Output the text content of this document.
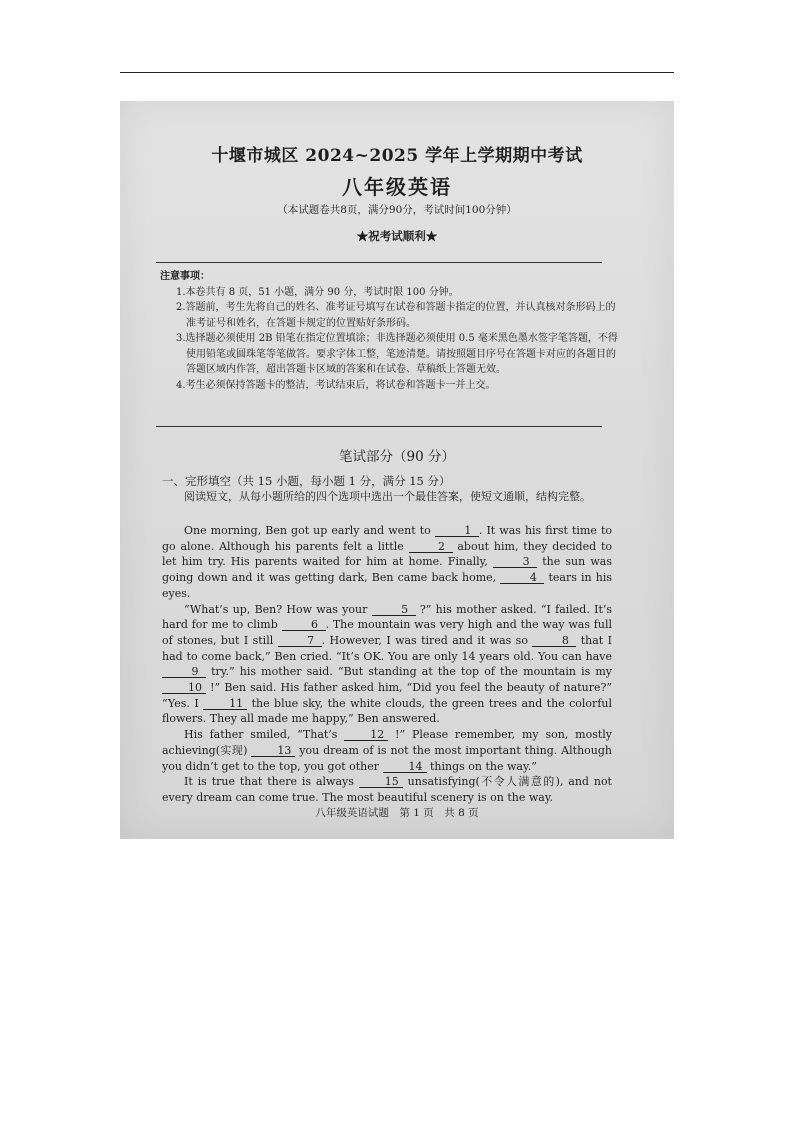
十堰市城区 2024~2025 学年上学期期中考试
八年级英语
（本试题卷共8页，满分90分，考试时间100分钟）
★祝考试顺利★
注意事项：
1.本卷共有 8 页，51 小题，满分 90 分，考试时限 100 分钟。
2.答题前，考生先将自己的姓名、准考证号填写在试卷和答题卡指定的位置，并认真核对条形码上的准考证号和姓名，在答题卡规定的位置贴好条形码。
3.选择题必须使用 2B 铅笔在指定位置填涂；非选择题必须使用 0.5 毫米黑色墨水签字笔答题，不得使用铅笔或圆珠笔等笔做答。要求字体工整，笔迹清楚。请按照题目序号在答题卡对应的各题目的答题区域内作答，超出答题卡区域的答案和在试卷、草稿纸上答题无效。
4.考生必须保持答题卡的整洁，考试结束后，将试卷和答题卡一并上交。
笔试部分（90 分）
一、完形填空（共 15 小题，每小题 1 分，满分 15 分）
阅读短文，从每小题所给的四个选项中选出一个最佳答案，使短文通顺，结构完整。

One morning, Ben got up early and went to	1 . It was his first time to go alone. Although his parents felt a little	2 about him, they decided to let him try. His parents waited for him at home. Finally,	3 the sun was going down and it was getting dark, Ben came back home,	4 tears in his eyes.

“What’s up, Ben? How was your	5 ?” his mother asked. “I failed. It’s hard for me to climb	6 . The mountain was very high and the way was full of stones, but I still	7 . However, I was tired and it was so	8 that I had to come back,” Ben cried. “It’s OK. You are only 14 years old. You can have 9 try.” his mother said. “But standing at the top of the mountain is my 10 !” Ben said. His father asked him, “Did you feel the beauty of nature?” “Yes. I 11 the blue sky, the white clouds, the green trees and the colorful flowers. They all made me happy,” Ben answered.

His father smiled, “That’s 12 !” Please remember, my son, mostly achieving(实现) 13 you dream of is not the most important thing. Although you didn’t get to the top, you got other 14 things on the way.”

It is true that there is always 15 unsatisfying(不令人满意的), and not every dream can come true. The most beautiful scenery is on the way.

八年级英语试题　第 1 页　共 8 页
